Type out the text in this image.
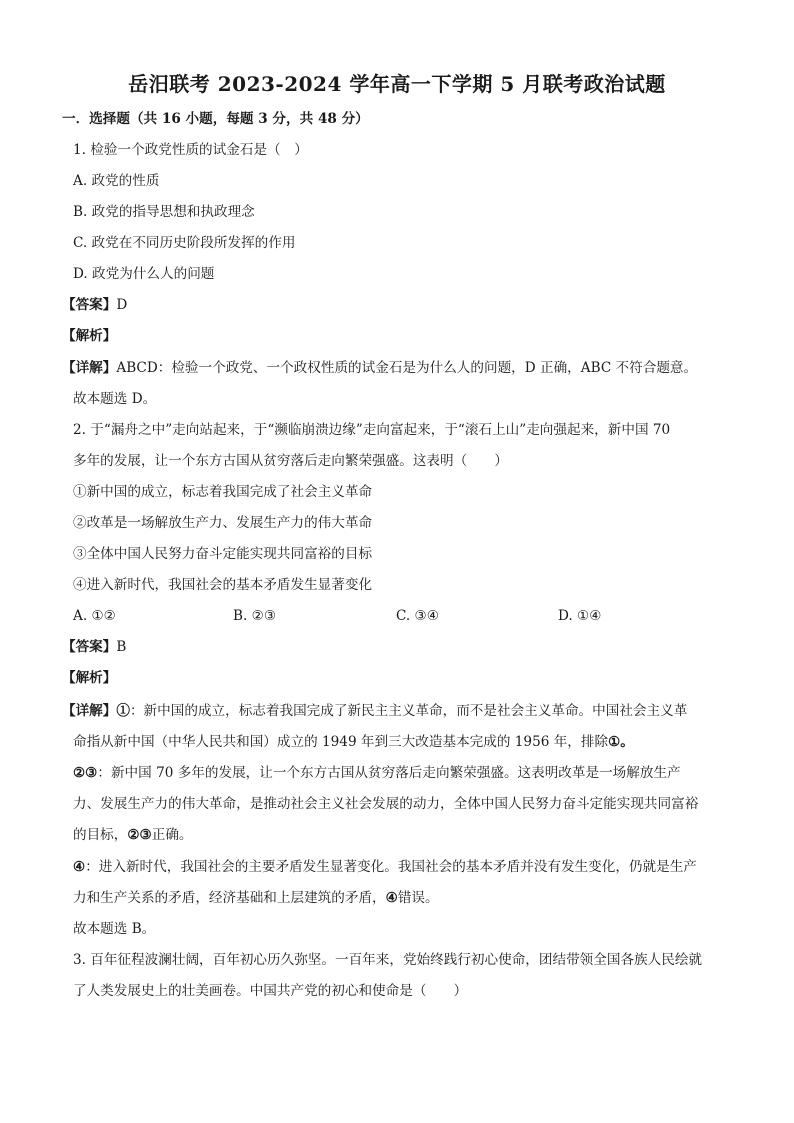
岳汨联考 2023-2024 学年高一下学期 5 月联考政治试题
一．选择题（共 16 小题，每题 3 分，共 48 分）
1. 检验一个政党性质的试金石是（　）
A. 政党的性质
B. 政党的指导思想和执政理念
C. 政党在不同历史阶段所发挥的作用
D. 政党为什么人的问题
【答案】D
【解析】
【详解】ABCD：检验一个政党、一个政权性质的试金石是为什么人的问题，D 正确，ABC 不符合题意。
故本题选 D。
2. 于“漏舟之中”走向站起来，于“濒临崩溃边缘”走向富起来，于“滚石上山”走向强起来，新中国 70
多年的发展，让一个东方古国从贫穷落后走向繁荣强盛。这表明（　　）
①新中国的成立，标志着我国完成了社会主义革命
②改革是一场解放生产力、发展生产力的伟大革命
③全体中国人民努力奋斗定能实现共同富裕的目标
④进入新时代，我国社会的基本矛盾发生显著变化
A. ①②	B. ②③	C. ③④	D. ①④
【答案】B
【解析】
【详解】①：新中国的成立，标志着我国完成了新民主主义革命，而不是社会主义革命。中国社会主义革
命指从新中国（中华人民共和国）成立的 1949 年到三大改造基本完成的 1956 年，排除①。
②③：新中国 70 多年的发展，让一个东方古国从贫穷落后走向繁荣强盛。这表明改革是一场解放生产
力、发展生产力的伟大革命，是推动社会主义社会发展的动力，全体中国人民努力奋斗定能实现共同富裕
的目标，②③正确。
④：进入新时代，我国社会的主要矛盾发生显著变化。我国社会的基本矛盾并没有发生变化，仍就是生产
力和生产关系的矛盾，经济基础和上层建筑的矛盾，④错误。
故本题选 B。
3. 百年征程波澜壮阔，百年初心历久弥坚。一百年来，党始终践行初心使命，团结带领全国各族人民绘就
了人类发展史上的壮美画卷。中国共产党的初心和使命是（　　）
